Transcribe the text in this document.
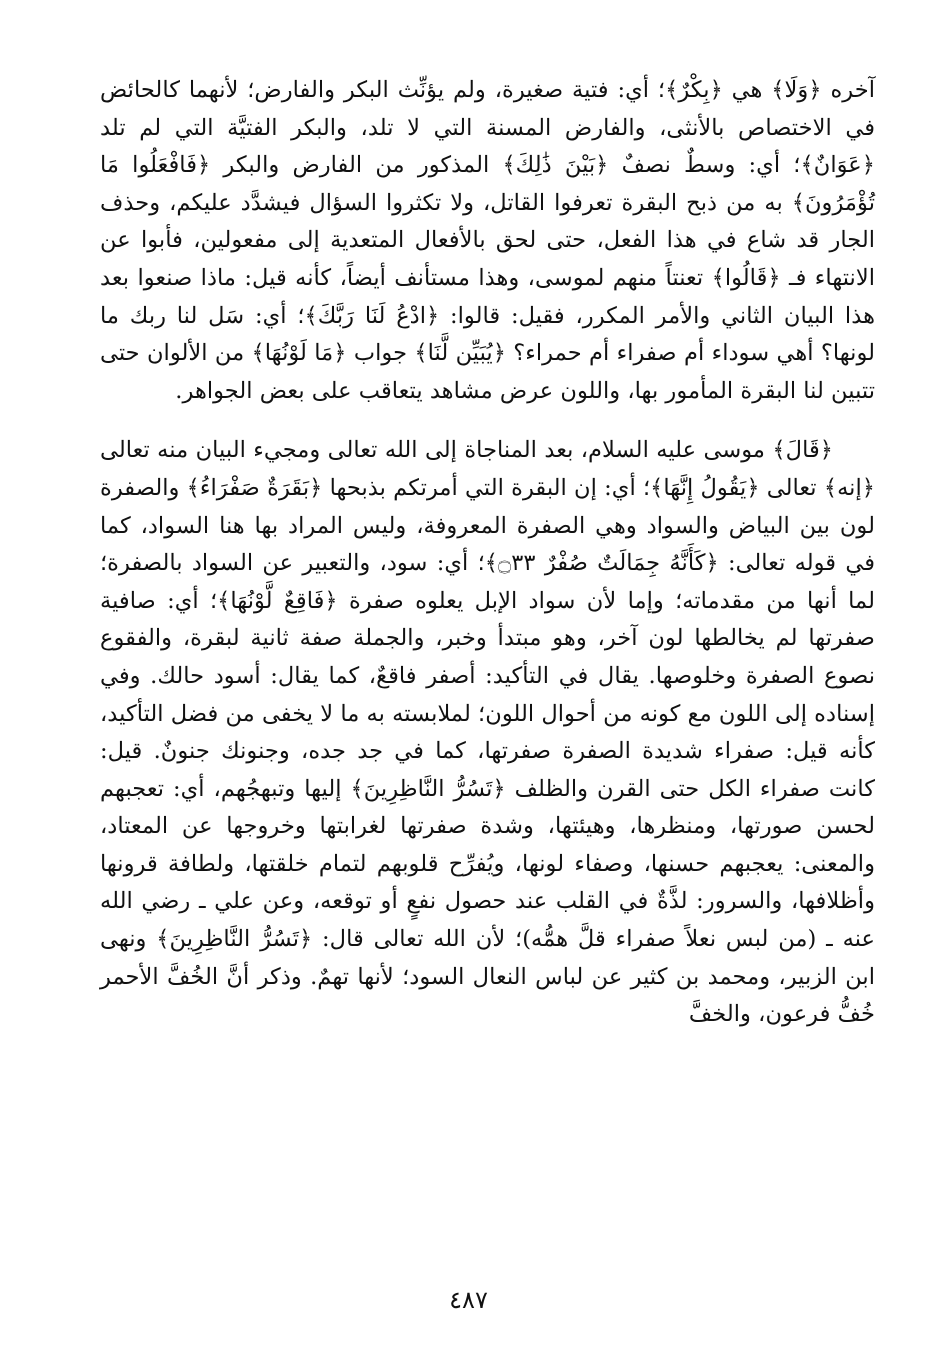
آخره ﴿وَلَا﴾ هي ﴿بِكْرٌ﴾؛ أي: فتية صغيرة، ولم يؤنِّث البكر والفارض؛ لأنهما كالحائض في الاختصاص بالأنثى، والفارض المسنة التي لا تلد، والبكر الفتيَّة التي لم تلد ﴿عَوَانٌ﴾؛ أي: وسطٌ نصفٌ ﴿بَيْنَ ذَٰلِكَ﴾ المذكور من الفارض والبكر ﴿فَافْعَلُوا مَا تُؤْمَرُونَ﴾ به من ذبح البقرة تعرفوا القاتل، ولا تكثروا السؤال فيشدَّد عليكم، وحذف الجار قد شاع في هذا الفعل، حتى لحق بالأفعال المتعدية إلى مفعولين، فأبوا عن الانتهاء فـ ﴿قَالُوا﴾ تعنتاً منهم لموسى، وهذا مستأنف أيضاً، كأنه قيل: ماذا صنعوا بعد هذا البيان الثاني والأمر المكرر، فقيل: قالوا: ﴿ادْعُ لَنَا رَبَّكَ﴾؛ أي: سَل لنا ربك ما لونها؟ أهي سوداء أم صفراء أم حمراء؟ ﴿يُبَيِّن لَّنَا﴾ جواب ﴿مَا لَوْنُهَا﴾ من الألوان حتى تتبين لنا البقرة المأمور بها، واللون عرض مشاهد يتعاقب على بعض الجواهر.

﴿قَالَ﴾ موسى عليه السلام، بعد المناجاة إلى الله تعالى ومجيء البيان منه تعالى ﴿إنه﴾ تعالى ﴿يَقُولُ إِنَّهَا﴾؛ أي: إن البقرة التي أمرتكم بذبحها ﴿بَقَرَةٌ صَفْرَاءُ﴾ والصفرة لون بين البياض والسواد وهي الصفرة المعروفة، وليس المراد بها هنا السواد، كما في قوله تعالى: ﴿كَأَنَّهُ جِمَالَتٌ صُفْرٌ ۝٣٣﴾؛ أي: سود، والتعبير عن السواد بالصفرة؛ لما أنها من مقدماته؛ وإما لأن سواد الإبل يعلوه صفرة ﴿فَاقِعٌ لَّوْنُهَا﴾؛ أي: صافية صفرتها لم يخالطها لون آخر، وهو مبتدأ وخبر، والجملة صفة ثانية لبقرة، والفقوع نصوع الصفرة وخلوصها. يقال في التأكيد: أصفر فاقعٌ، كما يقال: أسود حالك. وفي إسناده إلى اللون مع كونه من أحوال اللون؛ لملابسته به ما لا يخفى من فضل التأكيد، كأنه قيل: صفراء شديدة الصفرة صفرتها، كما في جد جده، وجنونك جنونٌ. قيل: كانت صفراء الكل حتى القرن والظلف ﴿تَسُرُّ النَّاظِرِينَ﴾ إليها وتبهجُهم، أي: تعجبهم لحسن صورتها، ومنظرها، وهيئتها، وشدة صفرتها لغرابتها وخروجها عن المعتاد، والمعنى: يعجبهم حسنها، وصفاء لونها، ويُفرِّح قلوبهم لتمام خلقتها، ولطافة قرونها وأظلافها، والسرور: لذَّةٌ في القلب عند حصول نفعٍ أو توقعه، وعن علي ـ رضي الله عنه ـ (من لبس نعلاً صفراء قلَّ همُّه)؛ لأن الله تعالى قال: ﴿تَسُرُّ النَّاظِرِينَ﴾ ونهى ابن الزبير، ومحمد بن كثير عن لباس النعال السود؛ لأنها تهمٌ. وذكر أنَّ الخُفَّ الأحمر خُفُّ فرعون، والخفَّ

٤٨٧
